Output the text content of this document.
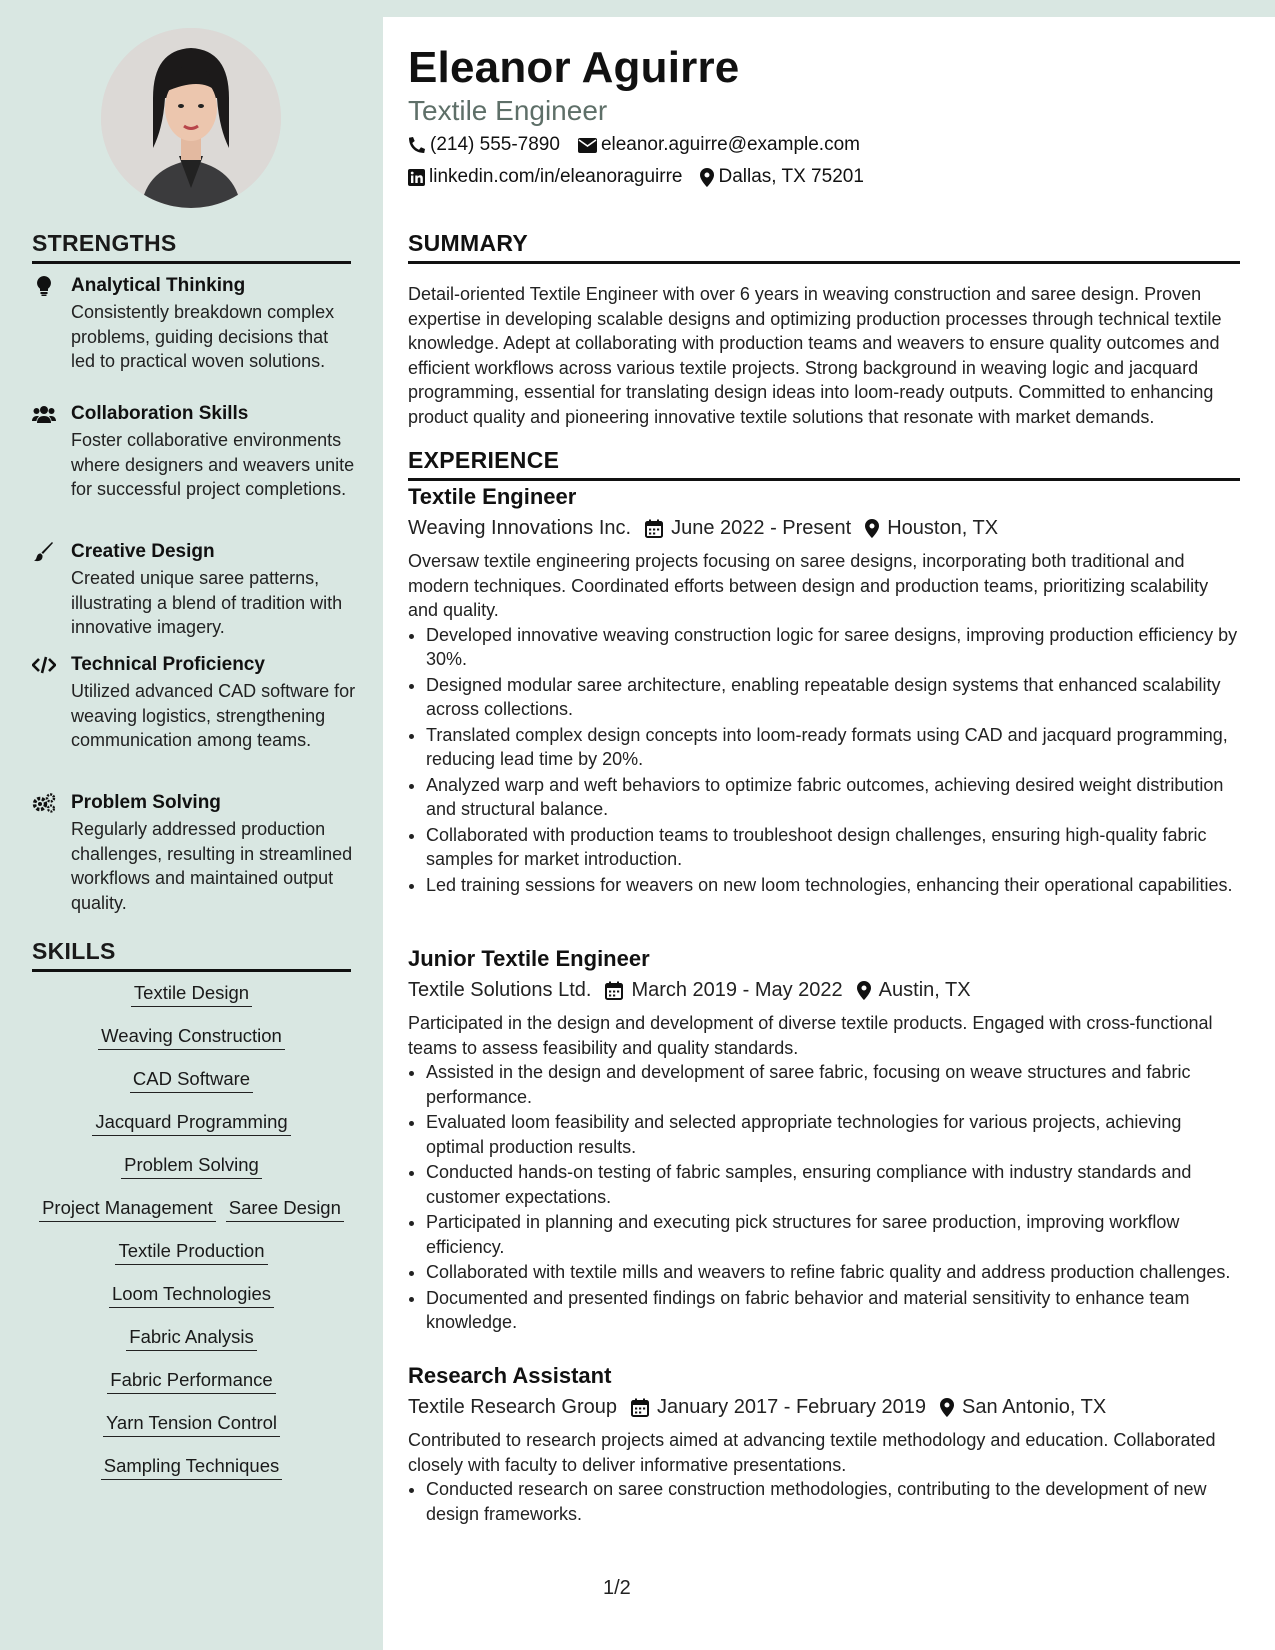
STRENGTHS
Analytical Thinking
Consistently breakdown complex problems, guiding decisions that led to practical woven solutions.
Collaboration Skills
Foster collaborative environments where designers and weavers unite for successful project completions.
Creative Design
Created unique saree patterns, illustrating a blend of tradition with innovative imagery.
Technical Proficiency
Utilized advanced CAD software for weaving logistics, strengthening communication among teams.
Problem Solving
Regularly addressed production challenges, resulting in streamlined workflows and maintained output quality.
SKILLS
Textile Design
Weaving Construction
CAD Software
Jacquard Programming
Problem Solving
Project Management Saree Design
Textile Production
Loom Technologies
Fabric Analysis
Fabric Performance
Yarn Tension Control
Sampling Techniques
Eleanor Aguirre
Textile Engineer
(214) 555-7890 eleanor.aguirre@example.com
linkedin.com/in/eleanoraguirre Dallas, TX 75201
SUMMARY
Detail-oriented Textile Engineer with over 6 years in weaving construction and saree design. Proven expertise in developing scalable designs and optimizing production processes through technical textile knowledge. Adept at collaborating with production teams and weavers to ensure quality outcomes and efficient workflows across various textile projects. Strong background in weaving logic and jacquard programming, essential for translating design ideas into loom-ready outputs. Committed to enhancing product quality and pioneering innovative textile solutions that resonate with market demands.
EXPERIENCE
Textile Engineer
Weaving Innovations Inc. June 2022 - Present Houston, TX
Oversaw textile engineering projects focusing on saree designs, incorporating both traditional and modern techniques. Coordinated efforts between design and production teams, prioritizing scalability and quality.
• Developed innovative weaving construction logic for saree designs, improving production efficiency by 30%.
• Designed modular saree architecture, enabling repeatable design systems that enhanced scalability across collections.
• Translated complex design concepts into loom-ready formats using CAD and jacquard programming, reducing lead time by 20%.
• Analyzed warp and weft behaviors to optimize fabric outcomes, achieving desired weight distribution and structural balance.
• Collaborated with production teams to troubleshoot design challenges, ensuring high-quality fabric samples for market introduction.
• Led training sessions for weavers on new loom technologies, enhancing their operational capabilities.
Junior Textile Engineer
Textile Solutions Ltd. March 2019 - May 2022 Austin, TX
Participated in the design and development of diverse textile products. Engaged with cross-functional teams to assess feasibility and quality standards.
• Assisted in the design and development of saree fabric, focusing on weave structures and fabric performance.
• Evaluated loom feasibility and selected appropriate technologies for various projects, achieving optimal production results.
• Conducted hands-on testing of fabric samples, ensuring compliance with industry standards and customer expectations.
• Participated in planning and executing pick structures for saree production, improving workflow efficiency.
• Collaborated with textile mills and weavers to refine fabric quality and address production challenges.
• Documented and presented findings on fabric behavior and material sensitivity to enhance team knowledge.
Research Assistant
Textile Research Group January 2017 - February 2019 San Antonio, TX
Contributed to research projects aimed at advancing textile methodology and education. Collaborated closely with faculty to deliver informative presentations.
• Conducted research on saree construction methodologies, contributing to the development of new design frameworks.
1/2
